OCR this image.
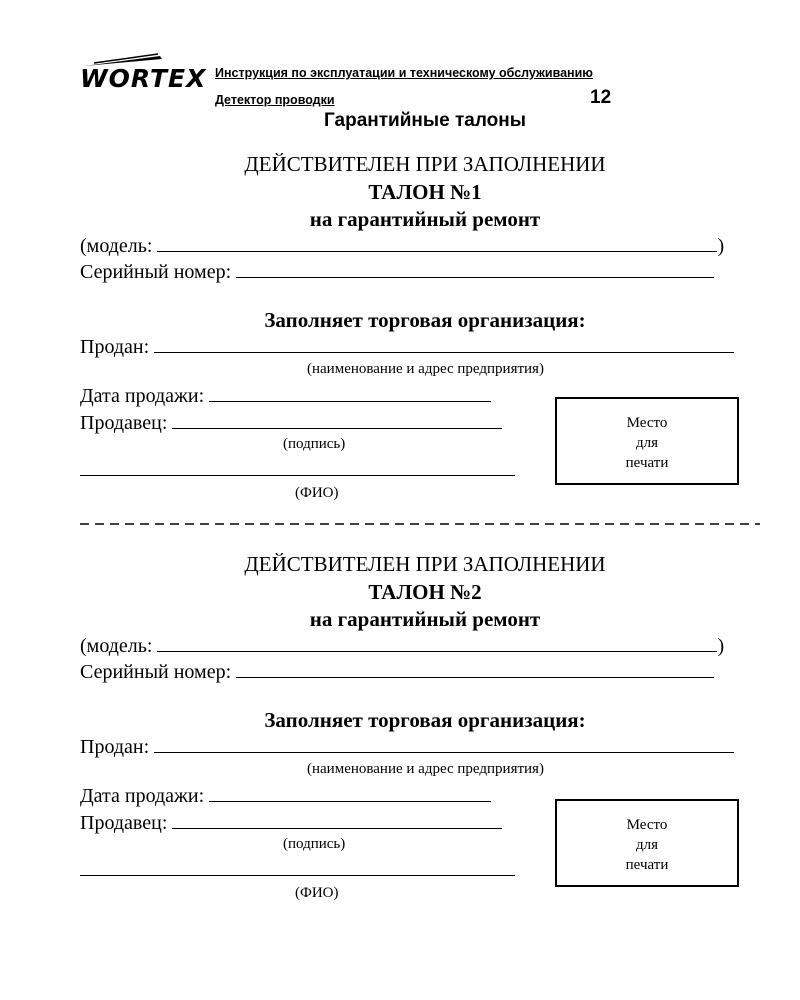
WORTEX Инструкция по эксплуатации и техническому обслуживанию
Детектор проводки	12
Гарантийные талоны
ДЕЙСТВИТЕЛЕН ПРИ ЗАПОЛНЕНИИ
ТАЛОН №1
на гарантийный ремонт
(модель:	)
Серийный номер:
Заполняет торговая организация:
Продан:
(наименование и адрес предприятия)
Дата продажи:
Продавец:
(подпись)
(ФИО)
Место
для
печати
ДЕЙСТВИТЕЛЕН ПРИ ЗАПОЛНЕНИИ
ТАЛОН №2
на гарантийный ремонт
(модель:	)
Серийный номер:
Заполняет торговая организация:
Продан:
(наименование и адрес предприятия)
Дата продажи:
Продавец:
(подпись)
(ФИО)
Место
для
печати
